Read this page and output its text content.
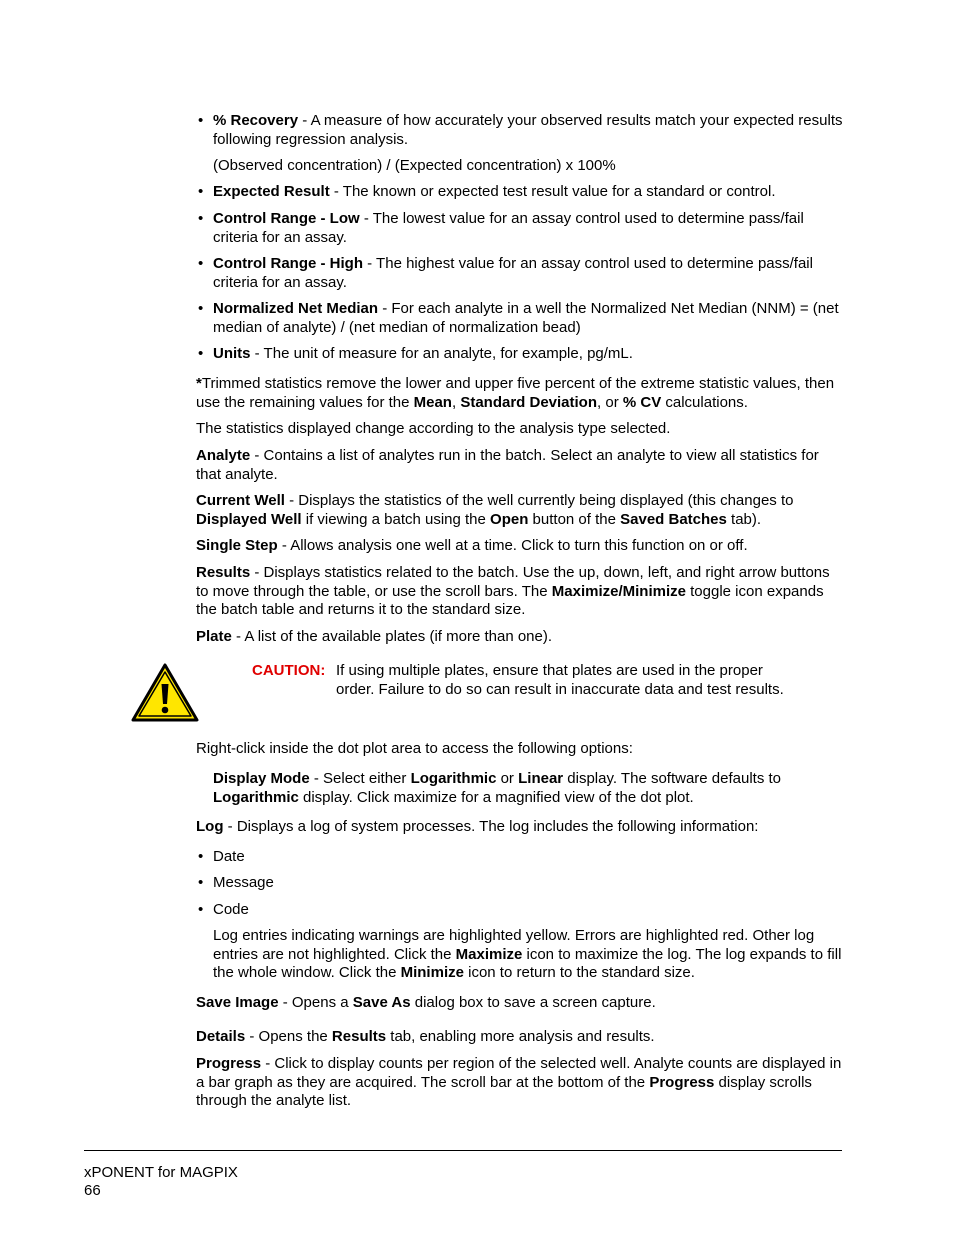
• % Recovery - A measure of how accurately your observed results match your expected results following regression analysis.

(Observed concentration) / (Expected concentration) x 100%

• Expected Result - The known or expected test result value for a standard or control.

• Control Range - Low - The lowest value for an assay control used to determine pass/fail criteria for an assay.

• Control Range - High - The highest value for an assay control used to determine pass/fail criteria for an assay.

• Normalized Net Median - For each analyte in a well the Normalized Net Median (NNM) = (net median of analyte) / (net median of normalization bead)

• Units - The unit of measure for an analyte, for example, pg/mL.

*Trimmed statistics remove the lower and upper five percent of the extreme statistic values, then use the remaining values for the Mean, Standard Deviation, or % CV calculations.

The statistics displayed change according to the analysis type selected.

Analyte - Contains a list of analytes run in the batch. Select an analyte to view all statistics for that analyte.

Current Well - Displays the statistics of the well currently being displayed (this changes to Displayed Well if viewing a batch using the Open button of the Saved Batches tab).

Single Step - Allows analysis one well at a time. Click to turn this function on or off.

Results - Displays statistics related to the batch. Use the up, down, left, and right arrow buttons to move through the table, or use the scroll bars. The Maximize/Minimize toggle icon expands the batch table and returns it to the standard size.

Plate - A list of the available plates (if more than one).

CAUTION: If using multiple plates, ensure that plates are used in the proper order. Failure to do so can result in inaccurate data and test results.

Right-click inside the dot plot area to access the following options:

Display Mode - Select either Logarithmic or Linear display. The software defaults to Logarithmic display. Click maximize for a magnified view of the dot plot.

Log - Displays a log of system processes. The log includes the following information:

• Date

• Message

• Code

Log entries indicating warnings are highlighted yellow. Errors are highlighted red. Other log entries are not highlighted. Click the Maximize icon to maximize the log. The log expands to fill the whole window. Click the Minimize icon to return to the standard size.

Save Image - Opens a Save As dialog box to save a screen capture.

Details - Opens the Results tab, enabling more analysis and results.

Progress - Click to display counts per region of the selected well. Analyte counts are displayed in a bar graph as they are acquired. The scroll bar at the bottom of the Progress display scrolls through the analyte list.

xPONENT for MAGPIX
66
